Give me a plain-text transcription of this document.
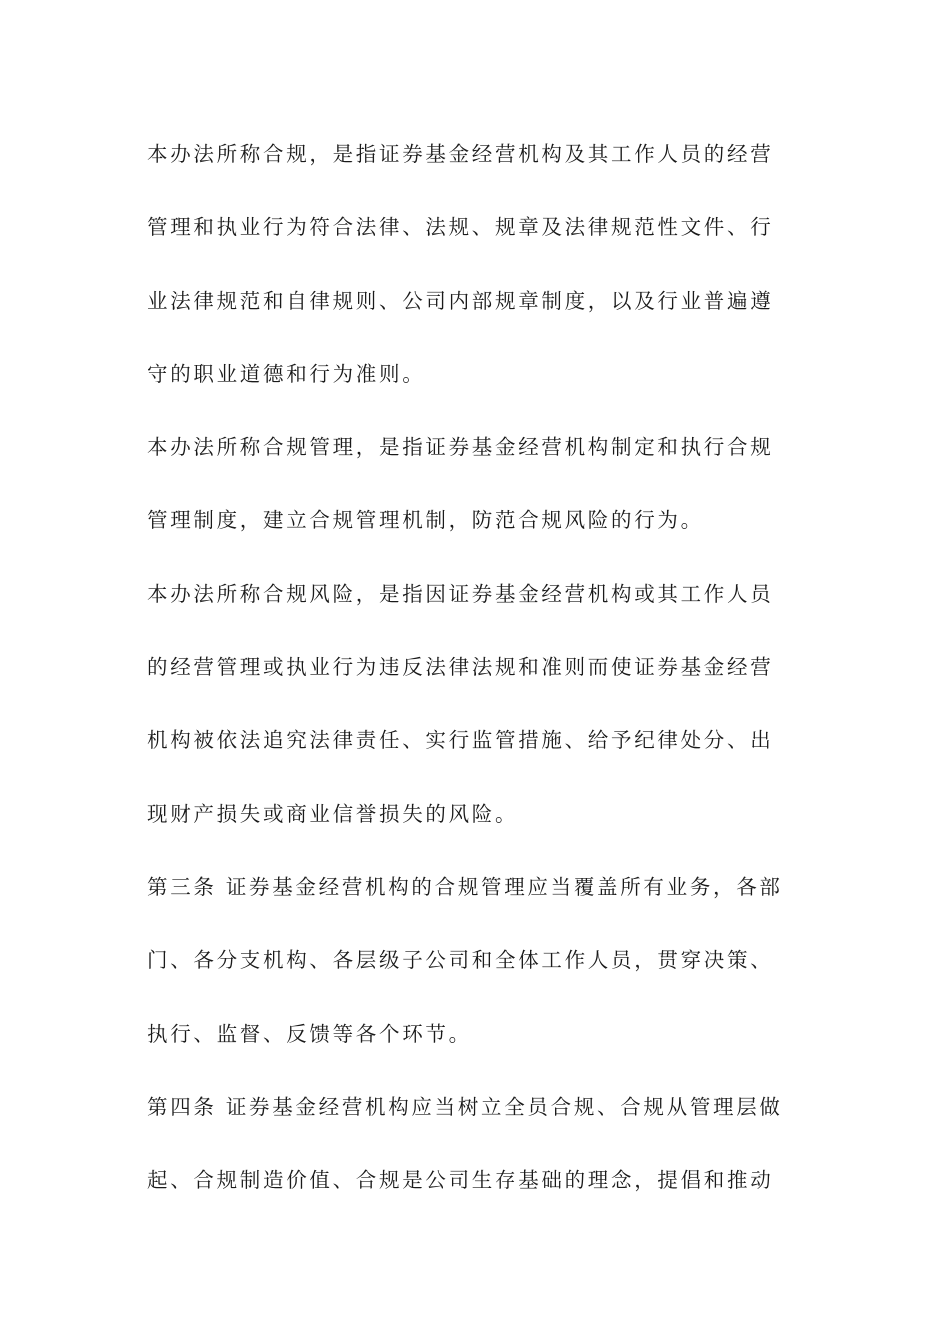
本办法所称合规，是指证券基金经营机构及其工作人员的经营
管理和执业行为符合法律、法规、规章及法律规范性文件、行
业法律规范和自律规则、公司内部规章制度，以及行业普遍遵
守的职业道德和行为准则。
本办法所称合规管理，是指证券基金经营机构制定和执行合规
管理制度，建立合规管理机制，防范合规风险的行为。
本办法所称合规风险，是指因证券基金经营机构或其工作人员
的经营管理或执业行为违反法律法规和准则而使证券基金经营
机构被依法追究法律责任、实行监管措施、给予纪律处分、出
现财产损失或商业信誉损失的风险。
第三条 证券基金经营机构的合规管理应当覆盖所有业务，各部
门、各分支机构、各层级子公司和全体工作人员，贯穿决策、
执行、监督、反馈等各个环节。
第四条 证券基金经营机构应当树立全员合规、合规从管理层做
起、合规制造价值、合规是公司生存基础的理念，提倡和推动
